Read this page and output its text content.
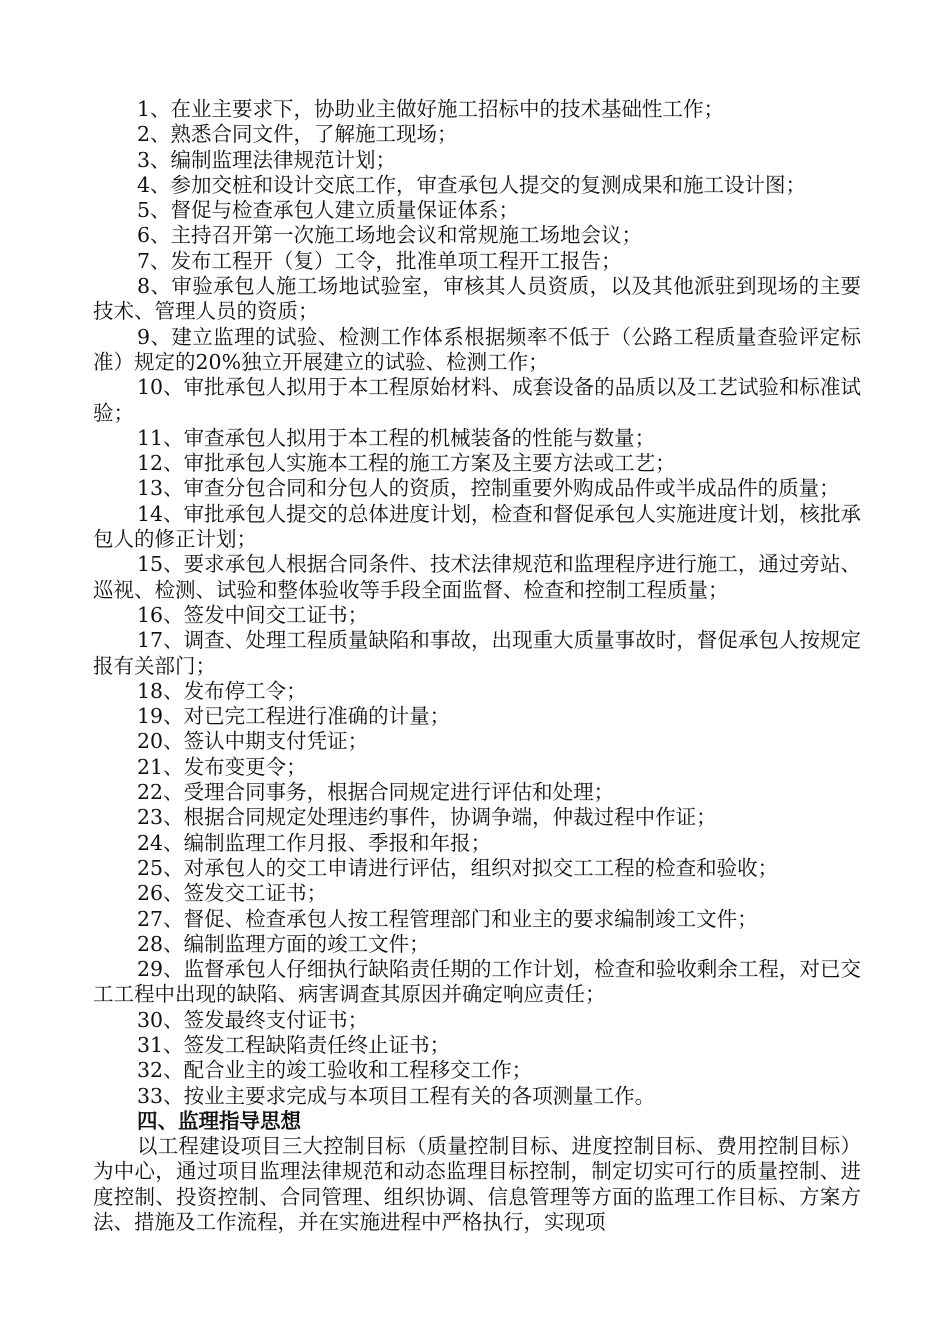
1、在业主要求下，协助业主做好施工招标中的技术基础性工作；

2、熟悉合同文件，了解施工现场；

3、编制监理法律规范计划；

4、参加交桩和设计交底工作，审查承包人提交的复测成果和施工设计图；

5、督促与检查承包人建立质量保证体系；

6、主持召开第一次施工场地会议和常规施工场地会议；

7、发布工程开（复）工令，批准单项工程开工报告；

8、审验承包人施工场地试验室，审核其人员资质，以及其他派驻到现场的主要技术、管理人员的资质；

9、建立监理的试验、检测工作体系根据频率不低于（公路工程质量查验评定标准）规定的20%独立开展建立的试验、检测工作；

10、审批承包人拟用于本工程原始材料、成套设备的品质以及工艺试验和标准试验；

11、审查承包人拟用于本工程的机械装备的性能与数量；

12、审批承包人实施本工程的施工方案及主要方法或工艺；

13、审查分包合同和分包人的资质，控制重要外购成品件或半成品件的质量；

14、审批承包人提交的总体进度计划，检查和督促承包人实施进度计划，核批承包人的修正计划；

15、要求承包人根据合同条件、技术法律规范和监理程序进行施工，通过旁站、巡视、检测、试验和整体验收等手段全面监督、检查和控制工程质量；

16、签发中间交工证书；

17、调查、处理工程质量缺陷和事故，出现重大质量事故时，督促承包人按规定报有关部门；

18、发布停工令；

19、对已完工程进行准确的计量；

20、签认中期支付凭证；

21、发布变更令；

22、受理合同事务，根据合同规定进行评估和处理；

23、根据合同规定处理违约事件，协调争端，仲裁过程中作证；

24、编制监理工作月报、季报和年报；

25、对承包人的交工申请进行评估，组织对拟交工工程的检查和验收；

26、签发交工证书；

27、督促、检查承包人按工程管理部门和业主的要求编制竣工文件；

28、编制监理方面的竣工文件；

29、监督承包人仔细执行缺陷责任期的工作计划，检查和验收剩余工程，对已交工工程中出现的缺陷、病害调查其原因并确定响应责任；

30、签发最终支付证书；

31、签发工程缺陷责任终止证书；

32、配合业主的竣工验收和工程移交工作；

33、按业主要求完成与本项目工程有关的各项测量工作。

四、监理指导思想

以工程建设项目三大控制目标（质量控制目标、进度控制目标、费用控制目标）为中心，通过项目监理法律规范和动态监理目标控制，制定切实可行的质量控制、进度控制、投资控制、合同管理、组织协调、信息管理等方面的监理工作目标、方案方法、措施及工作流程，并在实施进程中严格执行，实现项
